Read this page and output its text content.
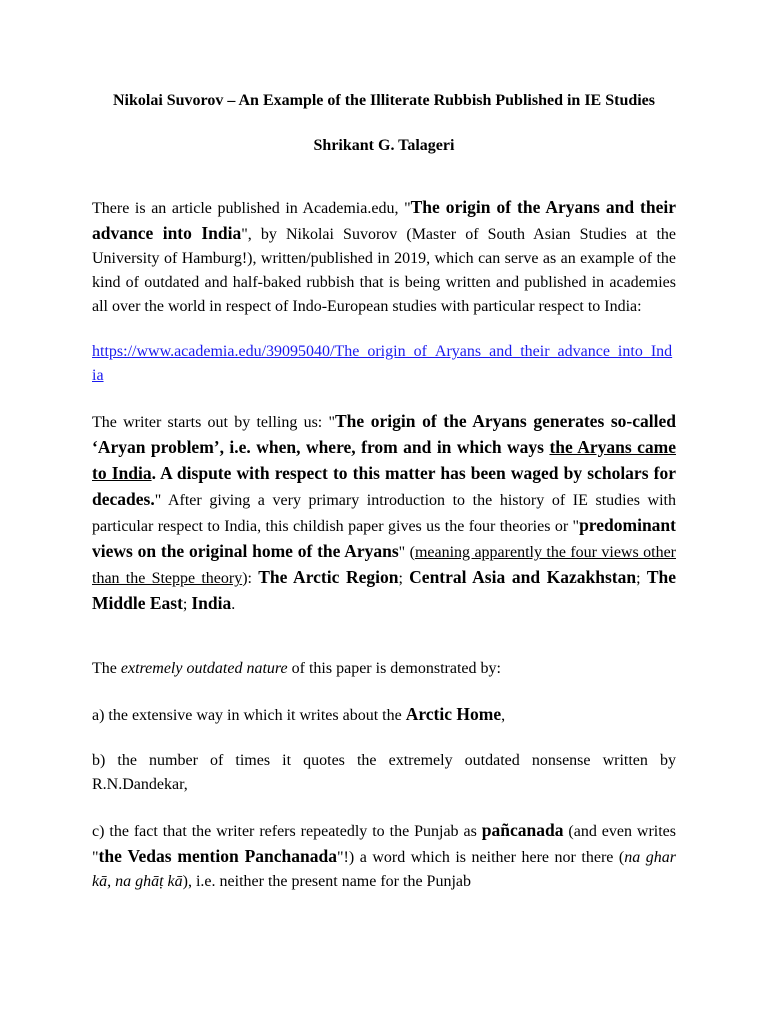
Nikolai Suvorov – An Example of the Illiterate Rubbish Published in IE Studies

Shrikant G. Talageri

There is an article published in Academia.edu, "The origin of the Aryans and their advance into India", by Nikolai Suvorov (Master of South Asian Studies at the University of Hamburg!), written/published in 2019, which can serve as an example of the kind of outdated and half-baked rubbish that is being written and published in academies all over the world in respect of Indo-European studies with particular respect to India:

https://www.academia.edu/39095040/The_origin_of_Aryans_and_their_advance_into_India

The writer starts out by telling us: "The origin of the Aryans generates so-called ‘Aryan problem’, i.e. when, where, from and in which ways the Aryans came to India. A dispute with respect to this matter has been waged by scholars for decades." After giving a very primary introduction to the history of IE studies with particular respect to India, this childish paper gives us the four theories or "predominant views on the original home of the Aryans" (meaning apparently the four views other than the Steppe theory): The Arctic Region; Central Asia and Kazakhstan; The Middle East; India.

The extremely outdated nature of this paper is demonstrated by:

a) the extensive way in which it writes about the Arctic Home,

b) the number of times it quotes the extremely outdated nonsense written by R.N.Dandekar,

c) the fact that the writer refers repeatedly to the Punjab as pañcanada (and even writes "the Vedas mention Panchanada"!) a word which is neither here nor there (na ghar kā, na ghāṭ kā), i.e. neither the present name for the Punjab
